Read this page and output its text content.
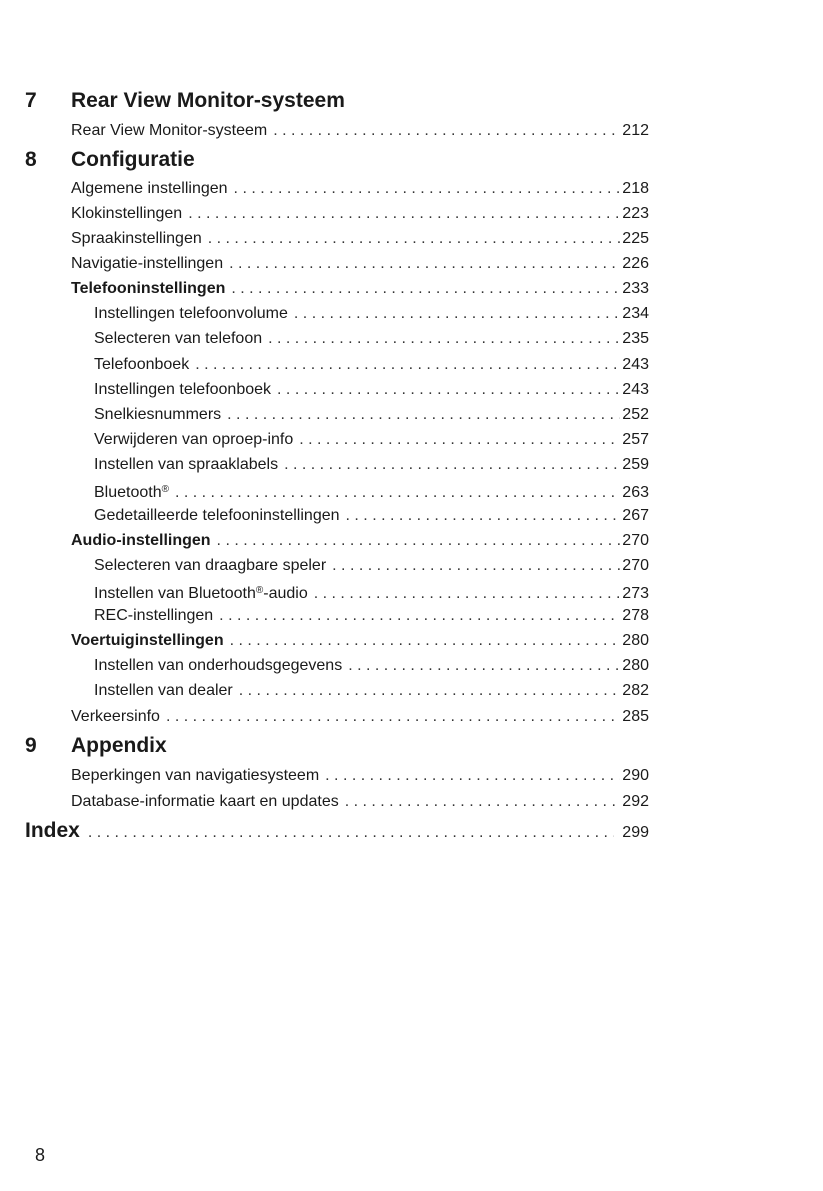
7 Rear View Monitor-systeem
Rear View Monitor-systeem . . .	212
8 Configuratie
Algemene instellingen . . .	218
Klokinstellingen . . .	223
Spraakinstellingen . . .	225
Navigatie-instellingen . . .	226
Telefooninstellingen . . .	233
Instellingen telefoonvolume . . .	234
Selecteren van telefoon . . .	235
Telefoonboek . . .	243
Instellingen telefoonboek . . .	243
Snelkiesnummers . . .	252
Verwijderen van oproep-info . . .	257
Instellen van spraaklabels . . .	259
Bluetooth® . . .	263
Gedetailleerde telefooninstellingen . . .	267
Audio-instellingen . . .	270
Selecteren van draagbare speler . . .	270
Instellen van Bluetooth®-audio . . .	273
REC-instellingen . . .	278
Voertuiginstellingen . . .	280
Instellen van onderhoudsgegevens . . .	280
Instellen van dealer . . .	282
Verkeersinfo . . .	285
9 Appendix
Beperkingen van navigatiesysteem . . .	290
Database-informatie kaart en updates . . .	292
Index . . .	299
8
